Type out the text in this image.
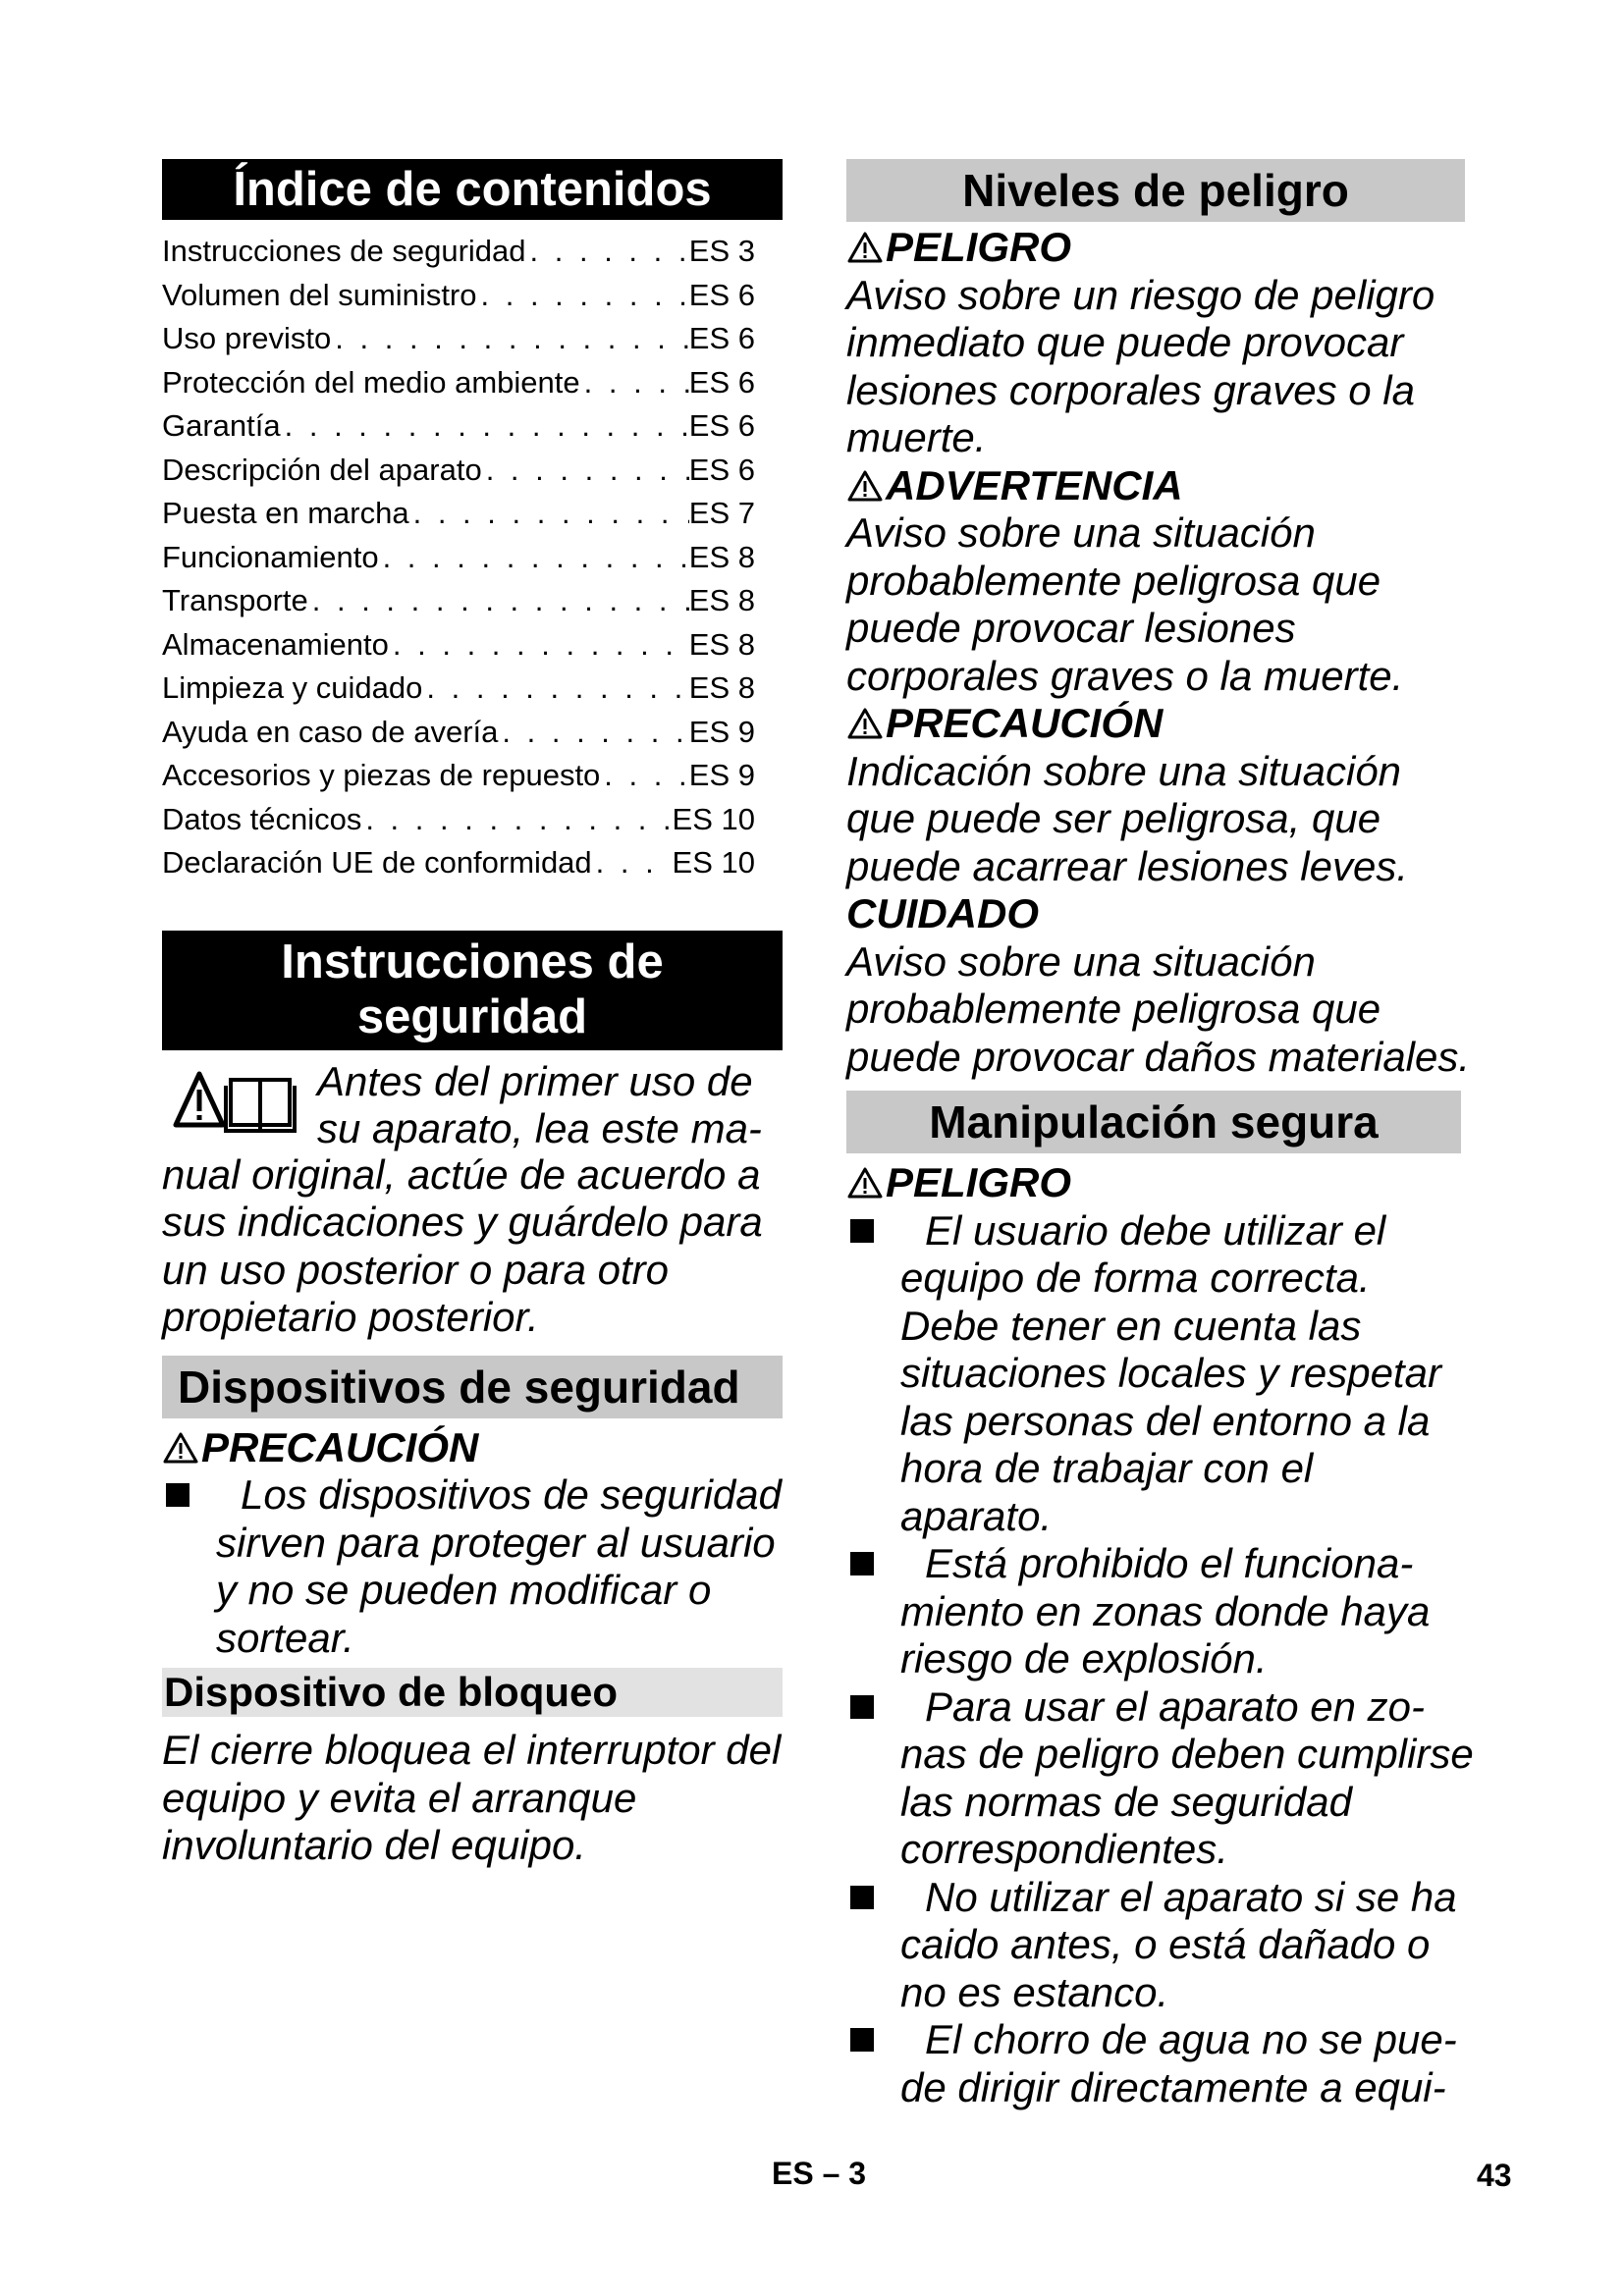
Índice de contenidos
Instrucciones de seguridad . . .	ES 3
Volumen del suministro . . .	ES 6
Uso previsto . . .	ES 6
Protección del medio ambiente . . .	ES 6
Garantía . . .	ES 6
Descripción del aparato . . .	ES 6
Puesta en marcha . . .	ES 7
Funcionamiento . . .	ES 8
Transporte . . .	ES 8
Almacenamiento . . .	ES 8
Limpieza y cuidado . . .	ES 8
Ayuda en caso de avería . . .	ES 9
Accesorios y piezas de repuesto . . .	ES 9
Datos técnicos . . .	ES 10
Declaración UE de conformidad . . .	ES 10
Instrucciones de
seguridad
Antes del primer uso de
su aparato, lea este ma-
nual original, actúe de acuerdo a sus indicaciones y guárdelo para un uso posterior o para otro propietario posterior.
Dispositivos de seguridad
PRECAUCIÓN
Los dispositivos de seguridad
sirven para proteger al usuario y no se pueden modificar o sortear.
Dispositivo de bloqueo
El cierre bloquea el interruptor del equipo y evita el arranque involuntario del equipo.
Niveles de peligro
PELIGRO
Aviso sobre un riesgo de peligro inmediato que puede provocar lesiones corporales graves o la muerte.
ADVERTENCIA
Aviso sobre una situación probablemente peligrosa que puede provocar lesiones corporales graves o la muerte.
PRECAUCIÓN
Indicación sobre una situación que puede ser peligrosa, que puede acarrear lesiones leves.
CUIDADO
Aviso sobre una situación probablemente peligrosa que puede provocar daños materiales.
Manipulación segura
PELIGRO
El usuario debe utilizar el
equipo de forma correcta. Debe tener en cuenta las situaciones locales y respetar las personas del entorno a la hora de trabajar con el aparato.
Está prohibido el funciona-
miento en zonas donde haya riesgo de explosión.
Para usar el aparato en zo-
nas de peligro deben cumplirse las normas de seguridad correspondientes.
No utilizar el aparato si se ha
caido antes, o está dañado o no es estanco.
El chorro de agua no se pue-
de dirigir directamente a equi-
ES – 3	43
